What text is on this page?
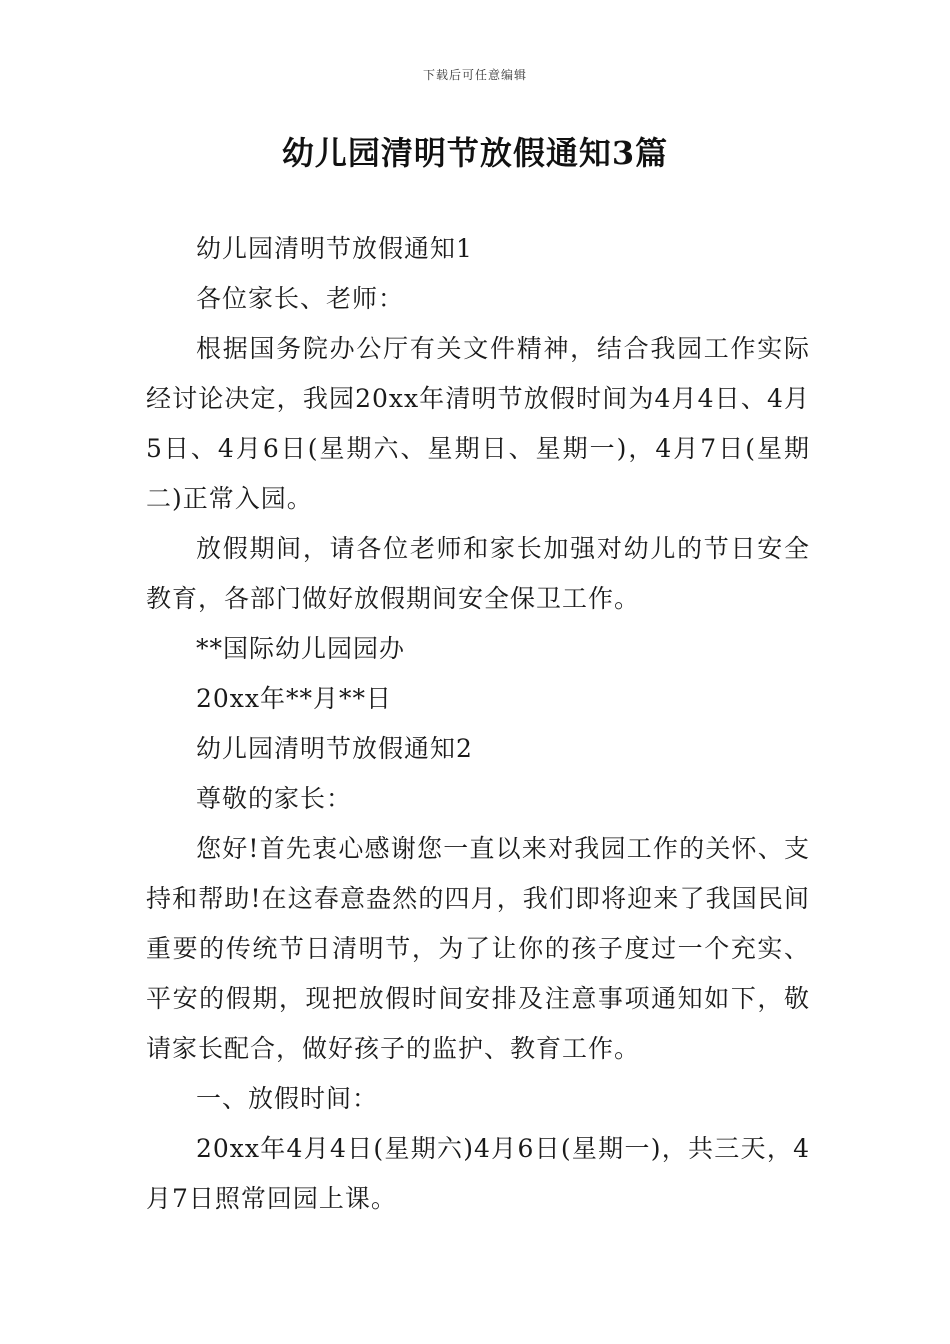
下载后可任意编辑
幼儿园清明节放假通知3篇

幼儿园清明节放假通知1

各位家长、老师：

根据国务院办公厅有关文件精神，结合我园工作实际经讨论决定，我园20xx年清明节放假时间为4月4日、4月5日、4月6日(星期六、星期日、星期一)，4月7日(星期二)正常入园。

放假期间，请各位老师和家长加强对幼儿的节日安全教育，各部门做好放假期间安全保卫工作。

**国际幼儿园园办

20xx年**月**日

幼儿园清明节放假通知2

尊敬的家长：

您好!首先衷心感谢您一直以来对我园工作的关怀、支持和帮助!在这春意盎然的四月，我们即将迎来了我国民间重要的传统节日清明节，为了让你的孩子度过一个充实、平安的假期，现把放假时间安排及注意事项通知如下，敬请家长配合，做好孩子的监护、教育工作。

一、放假时间：

20xx年4月4日(星期六)4月6日(星期一)，共三天，4月7日照常回园上课。
